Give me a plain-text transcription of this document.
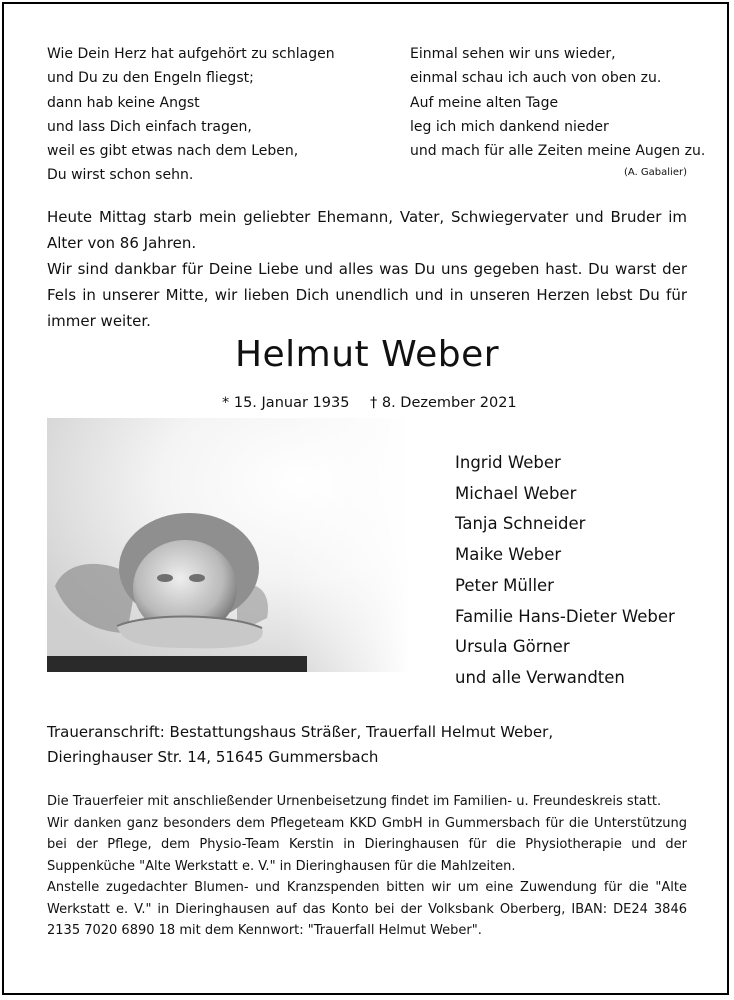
Wie Dein Herz hat aufgehört zu schlagen
und Du zu den Engeln fliegst;
dann hab keine Angst
und lass Dich einfach tragen,
weil es gibt etwas nach dem Leben,
Du wirst schon sehn.
Einmal sehen wir uns wieder,
einmal schau ich auch von oben zu.
Auf meine alten Tage
leg ich mich dankend nieder
und mach für alle Zeiten meine Augen zu.
(A. Gabalier)

Heute Mittag starb mein geliebter Ehemann, Vater, Schwiegervater und Bruder im Alter von 86 Jahren.

Wir sind dankbar für Deine Liebe und alles was Du uns gegeben hast. Du warst der Fels in unserer Mitte, wir lieben Dich unendlich und in unseren Herzen lebst Du für immer weiter.

Helmut Weber
* 15. Januar 1935 † 8. Dezember 2021
Ingrid Weber
Michael Weber
Tanja Schneider
Maike Weber
Peter Müller
Familie Hans-Dieter Weber
Ursula Görner
und alle Verwandten
Traueranschrift: Bestattungshaus Sträßer, Trauerfall Helmut Weber,
Dieringhauser Str. 14, 51645 Gummersbach

Die Trauerfeier mit anschließender Urnenbeisetzung findet im Familien- u. Freundeskreis statt.

Wir danken ganz besonders dem Pflegeteam KKD GmbH in Gummersbach für die Unterstützung bei der Pflege, dem Physio-Team Kerstin in Dieringhausen für die Physiotherapie und der Suppenküche "Alte Werkstatt e. V." in Dieringhausen für die Mahlzeiten.

Anstelle zugedachter Blumen- und Kranzspenden bitten wir um eine Zuwendung für die "Alte Werkstatt e. V." in Dieringhausen auf das Konto bei der Volksbank Oberberg, IBAN: DE24 3846 2135 7020 6890 18 mit dem Kennwort: "Trauerfall Helmut Weber".
